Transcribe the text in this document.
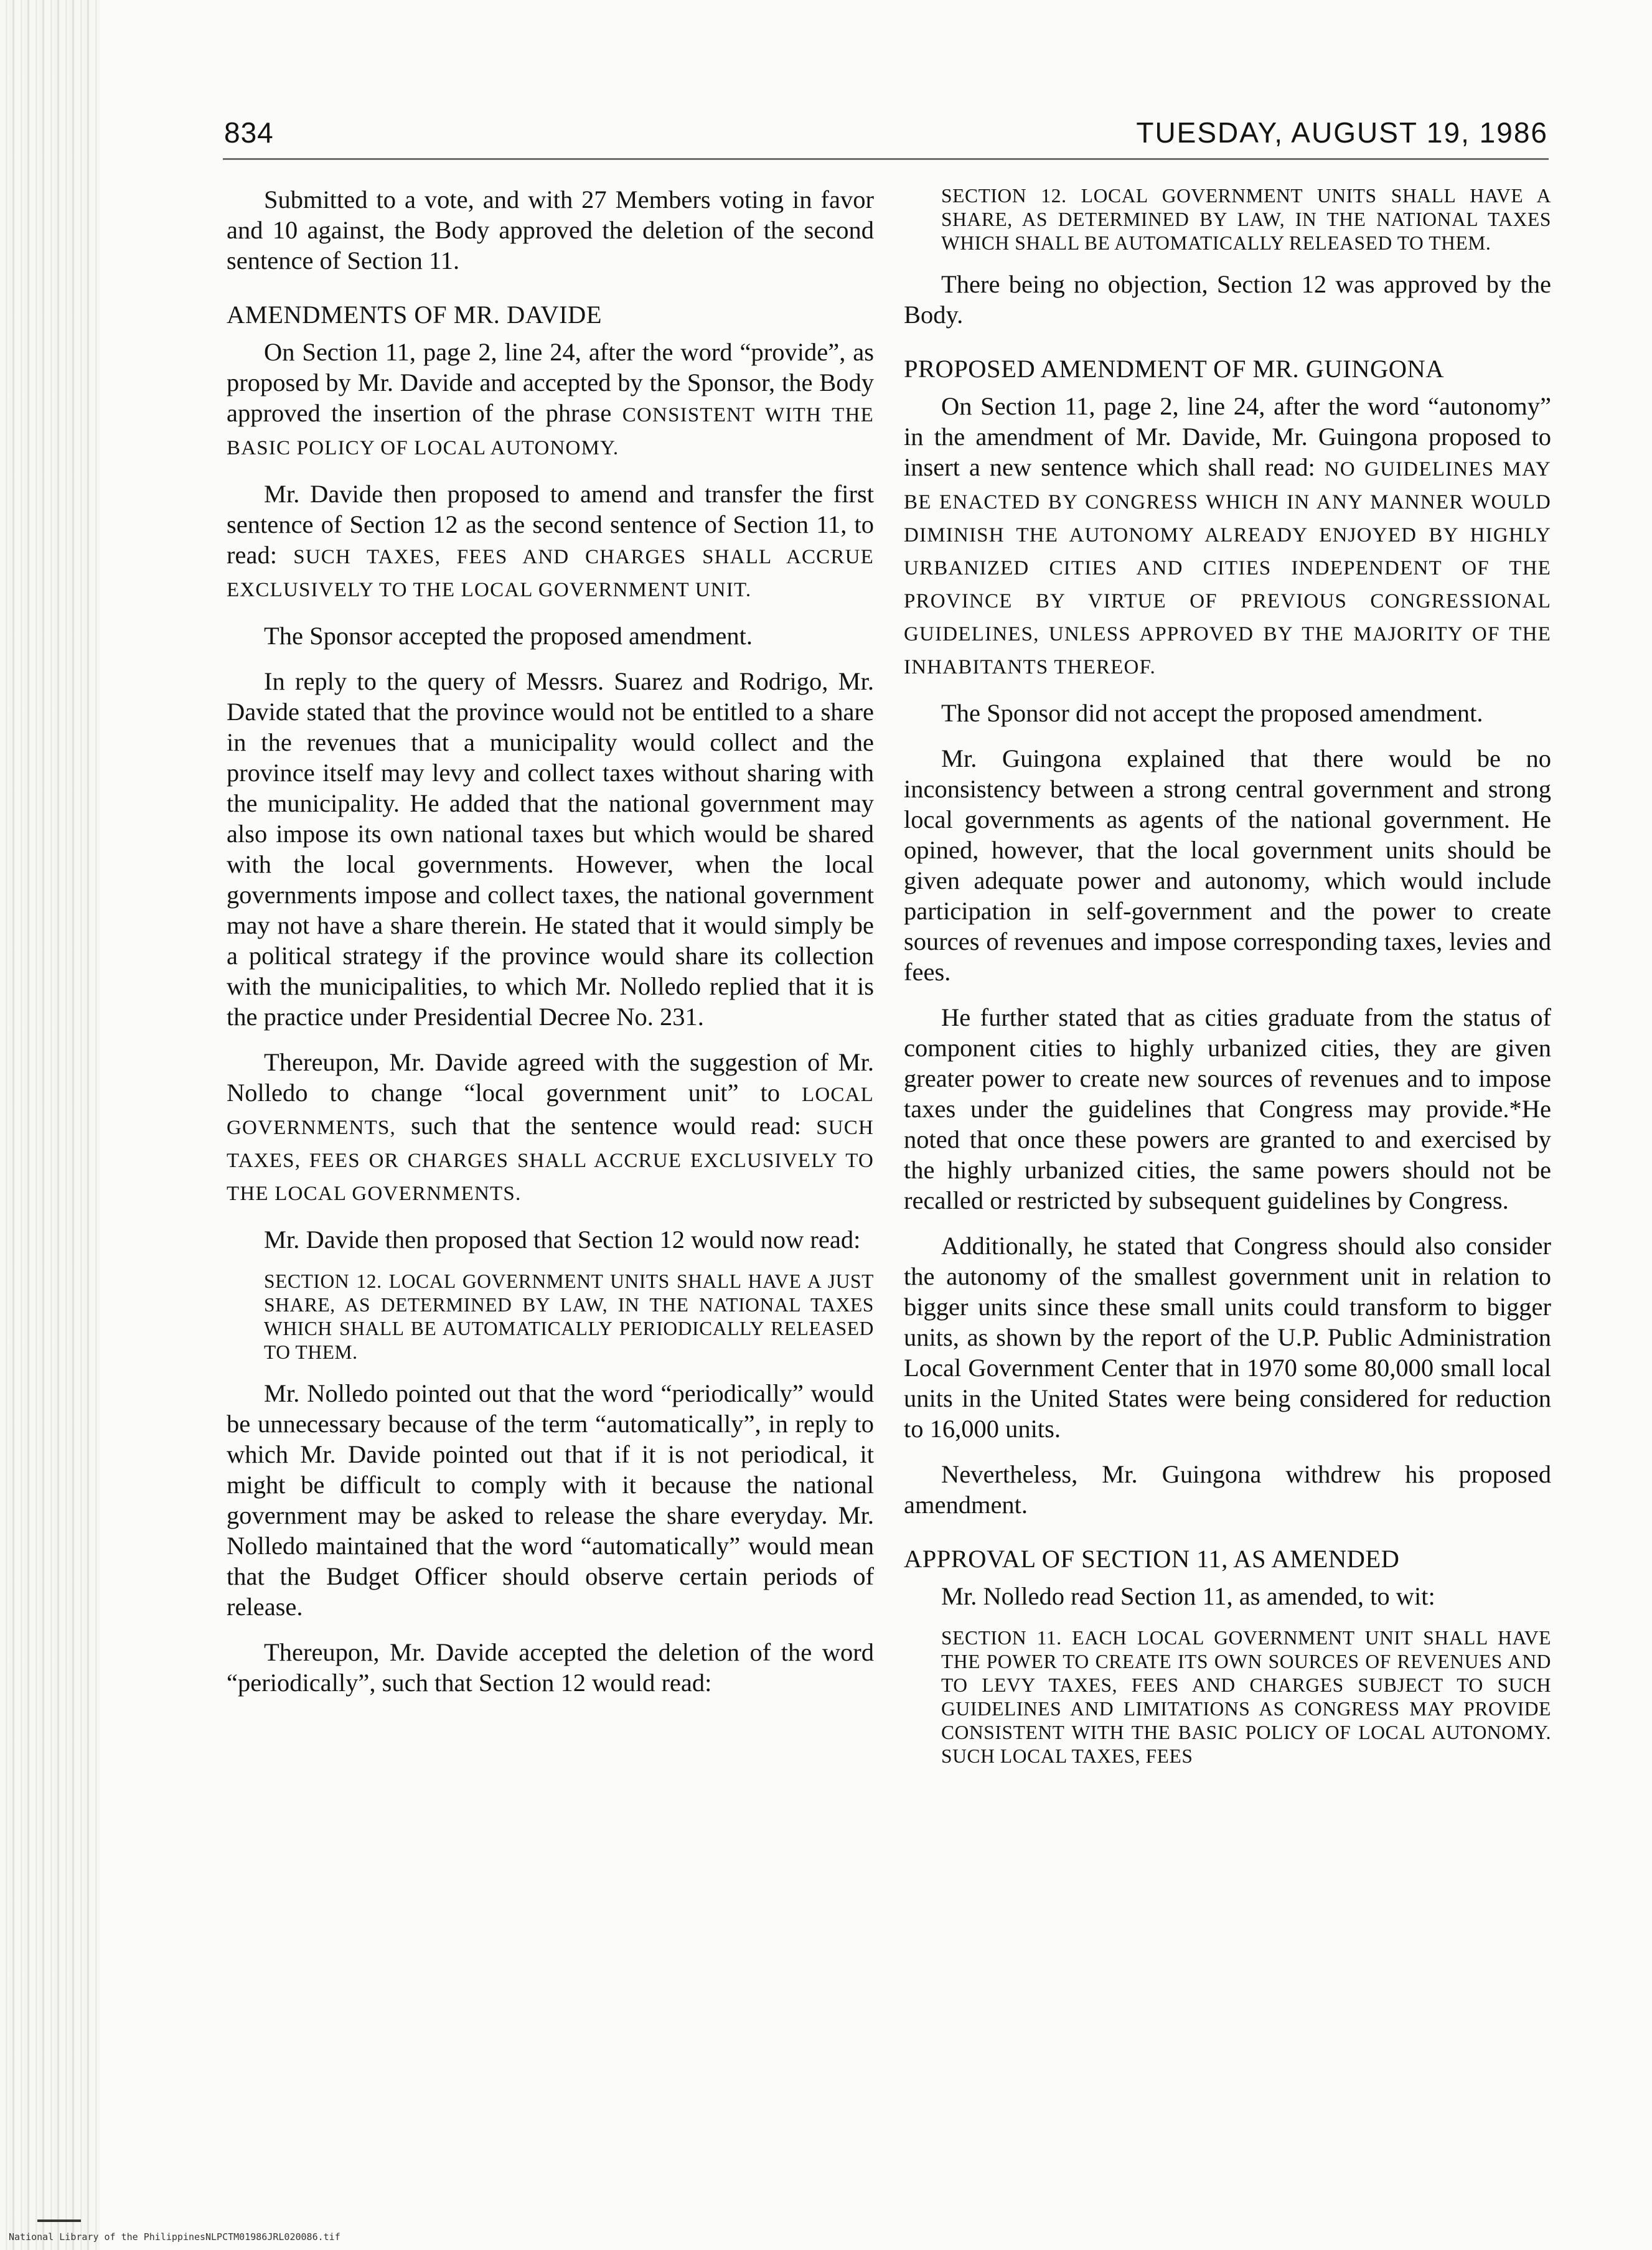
834	TUESDAY, AUGUST 19, 1986

Submitted to a vote, and with 27 Members voting in favor and 10 against, the Body approved the deletion of the second sentence of Section 11.

AMENDMENTS OF MR. DAVIDE

On Section 11, page 2, line 24, after the word “provide”, as proposed by Mr. Davide and accepted by the Sponsor, the Body approved the insertion of the phrase CONSISTENT WITH THE BASIC POLICY OF LOCAL AUTONOMY.

Mr. Davide then proposed to amend and transfer the first sentence of Section 12 as the second sentence of Section 11, to read: SUCH TAXES, FEES AND CHARGES SHALL ACCRUE EXCLUSIVELY TO THE LOCAL GOVERNMENT UNIT.

The Sponsor accepted the proposed amendment.

In reply to the query of Messrs. Suarez and Rodrigo, Mr. Davide stated that the province would not be entitled to a share in the revenues that a municipality would collect and the province itself may levy and collect taxes without sharing with the municipality. He added that the national government may also impose its own national taxes but which would be shared with the local governments. However, when the local governments impose and collect taxes, the national government may not have a share therein. He stated that it would simply be a political strategy if the province would share its collection with the municipalities, to which Mr. Nolledo replied that it is the practice under Presidential Decree No. 231.

Thereupon, Mr. Davide agreed with the suggestion of Mr. Nolledo to change “local government unit” to LOCAL GOVERNMENTS, such that the sentence would read: SUCH TAXES, FEES OR CHARGES SHALL ACCRUE EXCLUSIVELY TO THE LOCAL GOVERNMENTS.

Mr. Davide then proposed that Section 12 would now read:

SECTION 12. LOCAL GOVERNMENT UNITS SHALL HAVE A JUST SHARE, AS DETERMINED BY LAW, IN THE NATIONAL TAXES WHICH SHALL BE AUTOMATICALLY PERIODICALLY RELEASED TO THEM.

Mr. Nolledo pointed out that the word “periodically” would be unnecessary because of the term “automatically”, in reply to which Mr. Davide pointed out that if it is not periodical, it might be difficult to comply with it because the national government may be asked to release the share everyday. Mr. Nolledo maintained that the word “automatically” would mean that the Budget Officer should observe certain periods of release.

Thereupon, Mr. Davide accepted the deletion of the word “periodically”, such that Section 12 would read:

SECTION 12. LOCAL GOVERNMENT UNITS SHALL HAVE A SHARE, AS DETERMINED BY LAW, IN THE NATIONAL TAXES WHICH SHALL BE AUTOMATICALLY RELEASED TO THEM.

There being no objection, Section 12 was approved by the Body.

PROPOSED AMENDMENT OF MR. GUINGONA

On Section 11, page 2, line 24, after the word “autonomy” in the amendment of Mr. Davide, Mr. Guingona proposed to insert a new sentence which shall read: NO GUIDELINES MAY BE ENACTED BY CONGRESS WHICH IN ANY MANNER WOULD DIMINISH THE AUTONOMY ALREADY ENJOYED BY HIGHLY URBANIZED CITIES AND CITIES INDEPENDENT OF THE PROVINCE BY VIRTUE OF PREVIOUS CONGRESSIONAL GUIDELINES, UNLESS APPROVED BY THE MAJORITY OF THE INHABITANTS THEREOF.

The Sponsor did not accept the proposed amendment.

Mr. Guingona explained that there would be no inconsistency between a strong central government and strong local governments as agents of the national government. He opined, however, that the local government units should be given adequate power and autonomy, which would include participation in self-government and the power to create sources of revenues and impose corresponding taxes, levies and fees.

He further stated that as cities graduate from the status of component cities to highly urbanized cities, they are given greater power to create new sources of revenues and to impose taxes under the guidelines that Congress may provide.*He noted that once these powers are granted to and exercised by the highly urbanized cities, the same powers should not be recalled or restricted by subsequent guidelines by Congress.

Additionally, he stated that Congress should also consider the autonomy of the smallest government unit in relation to bigger units since these small units could transform to bigger units, as shown by the report of the U.P. Public Administration Local Government Center that in 1970 some 80,000 small local units in the United States were being considered for reduction to 16,000 units.

Nevertheless, Mr. Guingona withdrew his proposed amendment.

APPROVAL OF SECTION 11, AS AMENDED

Mr. Nolledo read Section 11, as amended, to wit:

SECTION 11. EACH LOCAL GOVERNMENT UNIT SHALL HAVE THE POWER TO CREATE ITS OWN SOURCES OF REVENUES AND TO LEVY TAXES, FEES AND CHARGES SUBJECT TO SUCH GUIDELINES AND LIMITATIONS AS CONGRESS MAY PROVIDE CONSISTENT WITH THE BASIC POLICY OF LOCAL AUTONOMY. SUCH LOCAL TAXES, FEES
National Library of the Philippines NLPCTM01986JRL020086.tif
